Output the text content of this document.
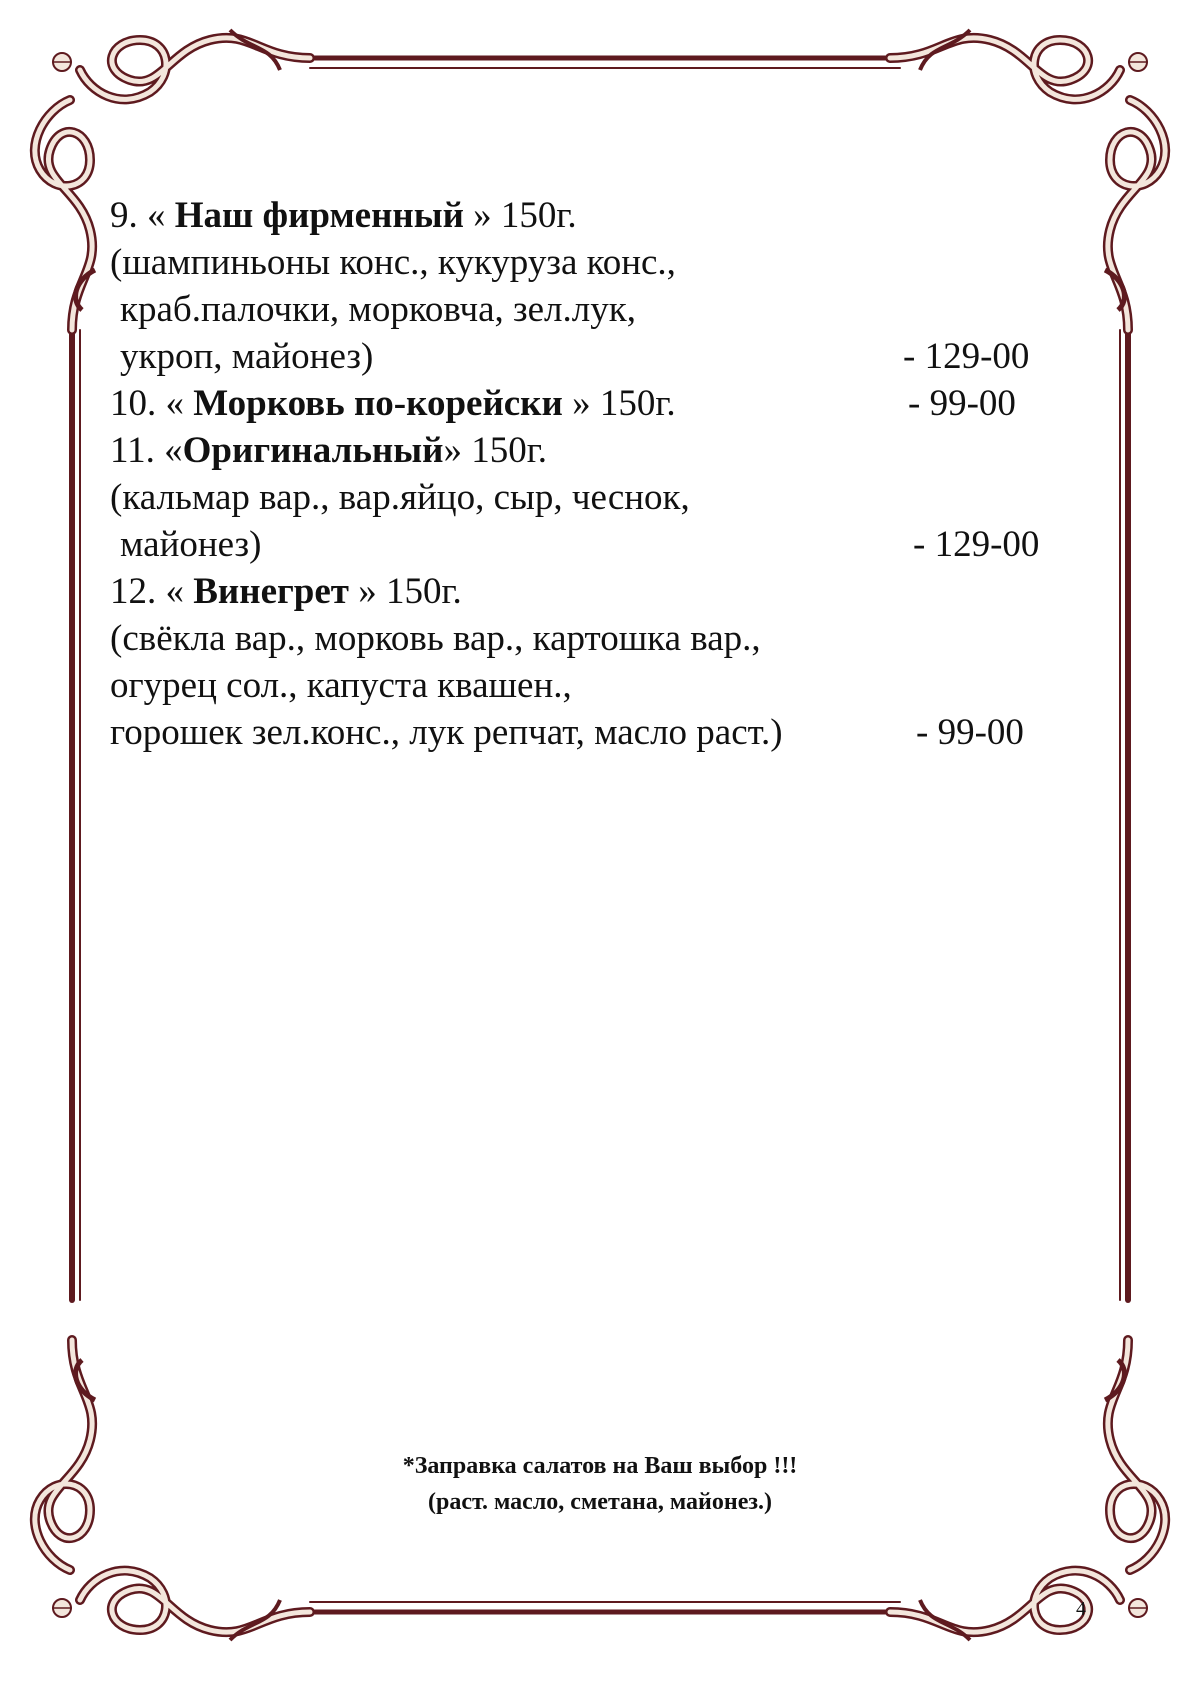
9. « Наш фирменный » 150г.
(шампиньоны конс., кукуруза конс.,
краб.палочки, морковча, зел.лук,
укроп, майонез)	- 129-00
10. « Морковь по-корейски » 150г.	- 99-00
11. «Оригинальный» 150г.
(кальмар вар., вар.яйцо, сыр, чеснок,
майонез)	- 129-00
12. « Винегрет » 150г.
(свёкла вар., морковь вар., картошка вар.,
огурец сол., капуста квашен.,
горошек зел.конс., лук репчат, масло раст.)	- 99-00
*Заправка салатов на Ваш выбор !!!
(раст. масло, сметана, майонез.)
4
